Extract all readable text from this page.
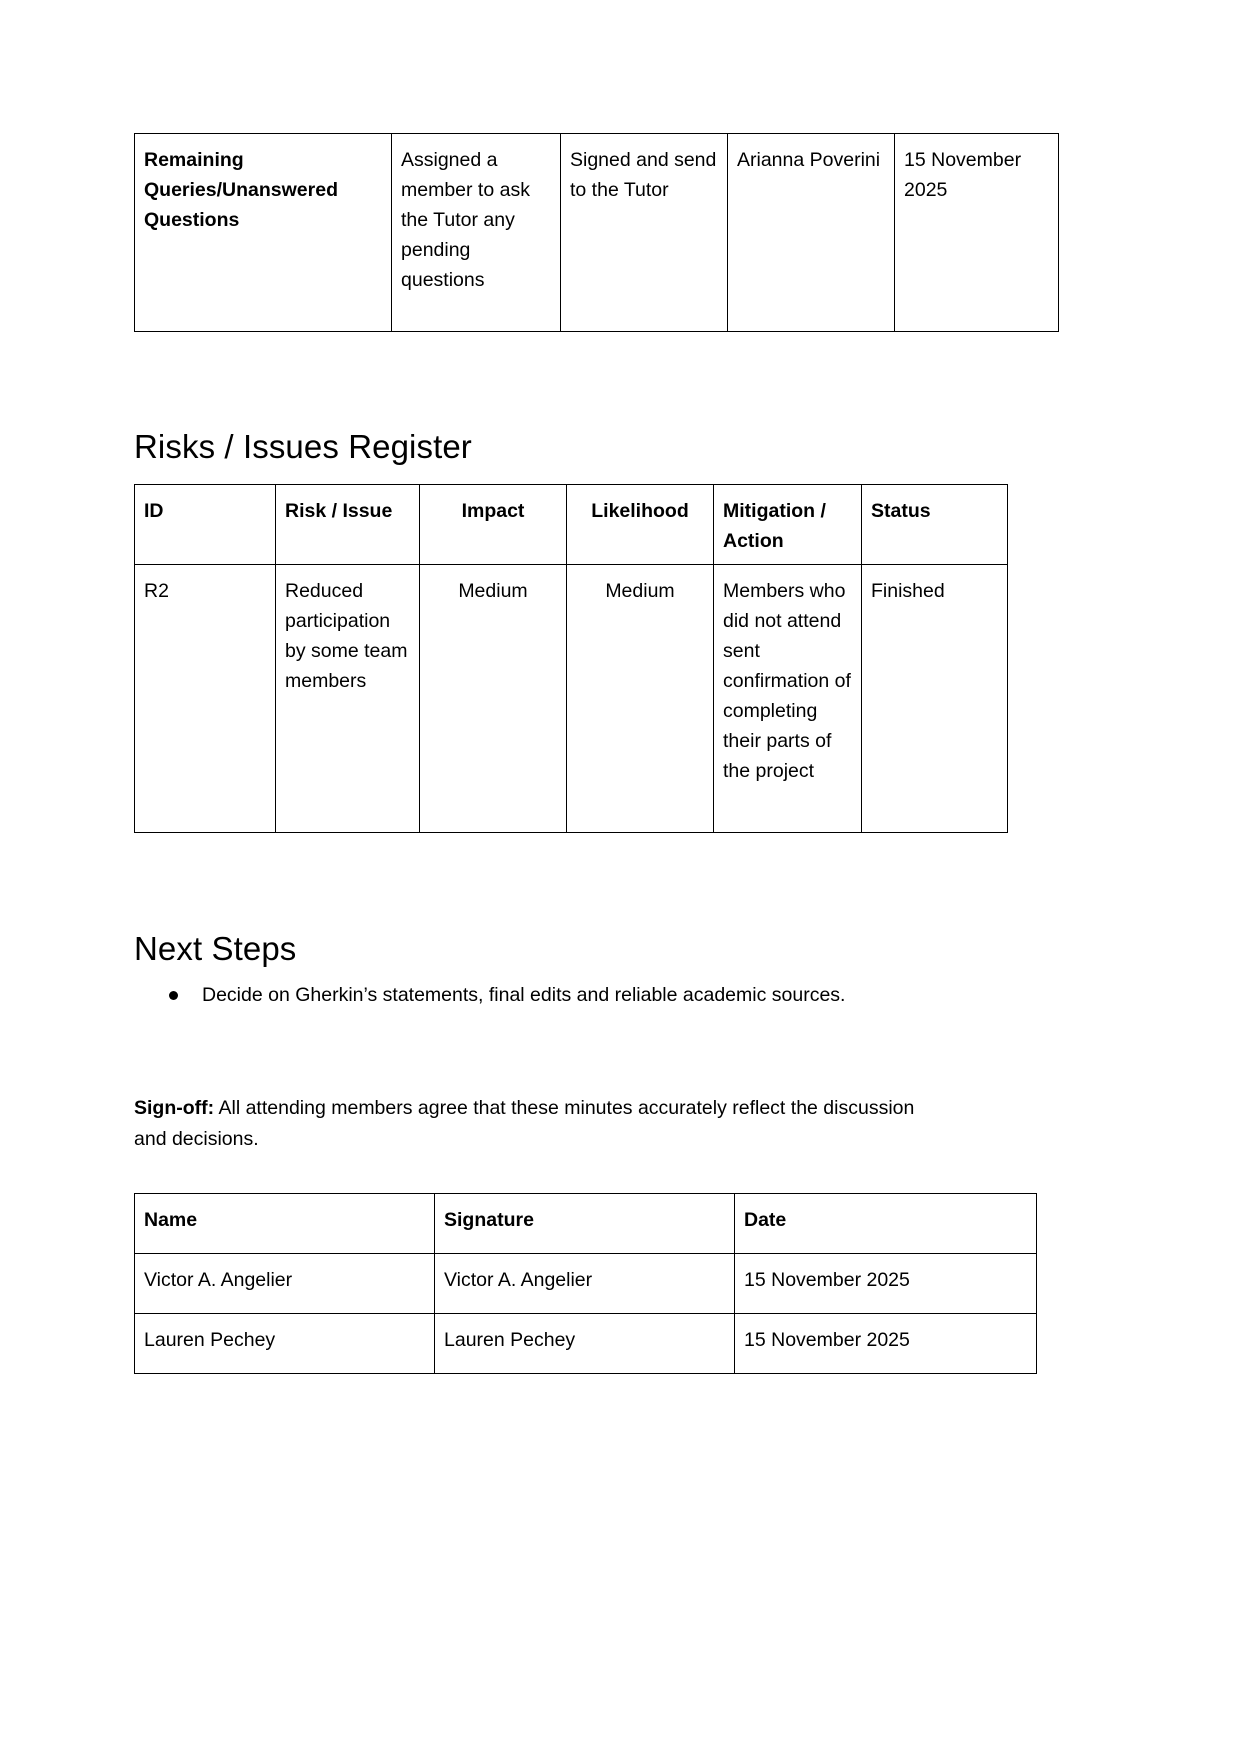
Remaining Queries/Unanswered Questions	Assigned a member to ask the Tutor any pending questions	Signed and send to the Tutor	Arianna Poverini	15 November 2025
Risks / Issues Register
ID	Risk / Issue	Impact	Likelihood	Mitigation / Action	Status
R2	Reduced participation by some team members	Medium	Medium	Members who did not attend sent confirmation of completing their parts of the project	Finished
Next Steps
Decide on Gherkin’s statements, final edits and reliable academic sources.

Sign-off: All attending members agree that these minutes accurately reflect the discussion and decisions.

Name	Signature	Date
Victor A. Angelier	Victor A. Angelier	15 November 2025
Lauren Pechey	Lauren Pechey	15 November 2025
